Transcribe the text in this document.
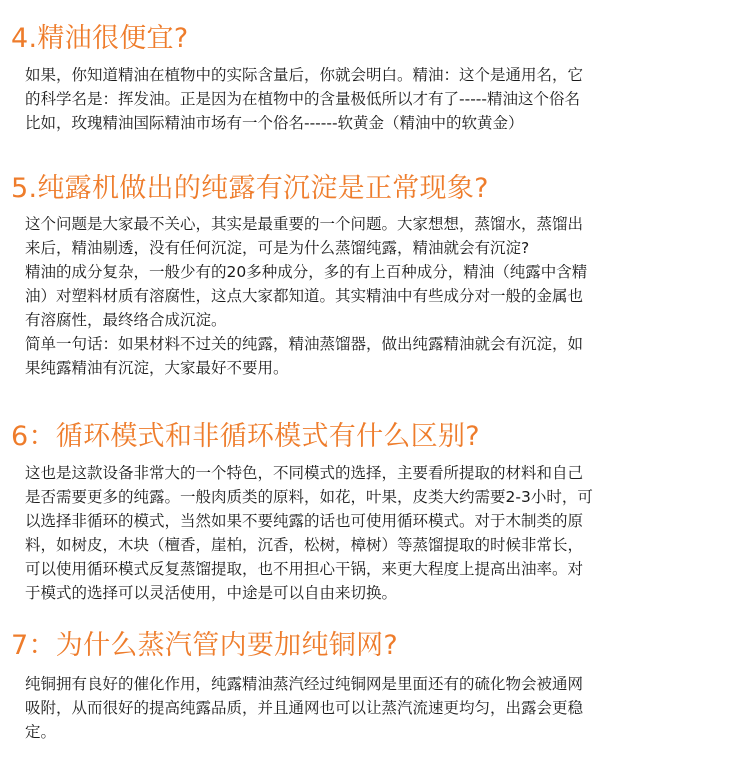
4.精油很便宜?
如果，你知道精油在植物中的实际含量后，你就会明白。精油：这个是通用名，它
的科学名是：挥发油。正是因为在植物中的含量极低所以才有了-----精油这个俗名
比如，玫瑰精油国际精油市场有一个俗名------软黄金（精油中的软黄金）
5.纯露机做出的纯露有沉淀是正常现象?
这个问题是大家最不关心，其实是最重要的一个问题。大家想想，蒸馏水，蒸馏出
来后，精油剔透，没有任何沉淀，可是为什么蒸馏纯露，精油就会有沉淀?
精油的成分复杂，一般少有的20多种成分，多的有上百种成分，精油（纯露中含精
油）对塑料材质有溶腐性，这点大家都知道。其实精油中有些成分对一般的金属也
有溶腐性，最终络合成沉淀。
简单一句话：如果材料不过关的纯露，精油蒸馏器，做出纯露精油就会有沉淀，如
果纯露精油有沉淀，大家最好不要用。
6：循环模式和非循环模式有什么区别?
这也是这款设备非常大的一个特色，不同模式的选择，主要看所提取的材料和自己
是否需要更多的纯露。一般肉质类的原料，如花，叶果，皮类大约需要2-3小时，可
以选择非循环的模式，当然如果不要纯露的话也可使用循环模式。对于木制类的原
料，如树皮，木块（檀香，崖柏，沉香，松树，樟树）等蒸馏提取的时候非常长，
可以使用循环模式反复蒸馏提取，也不用担心干锅，来更大程度上提高出油率。对
于模式的选择可以灵活使用，中途是可以自由来切换。
7：为什么蒸汽管内要加纯铜网?
纯铜拥有良好的催化作用，纯露精油蒸汽经过纯铜网是里面还有的硫化物会被通网
吸附，从而很好的提高纯露品质，并且通网也可以让蒸汽流速更均匀，出露会更稳
定。
